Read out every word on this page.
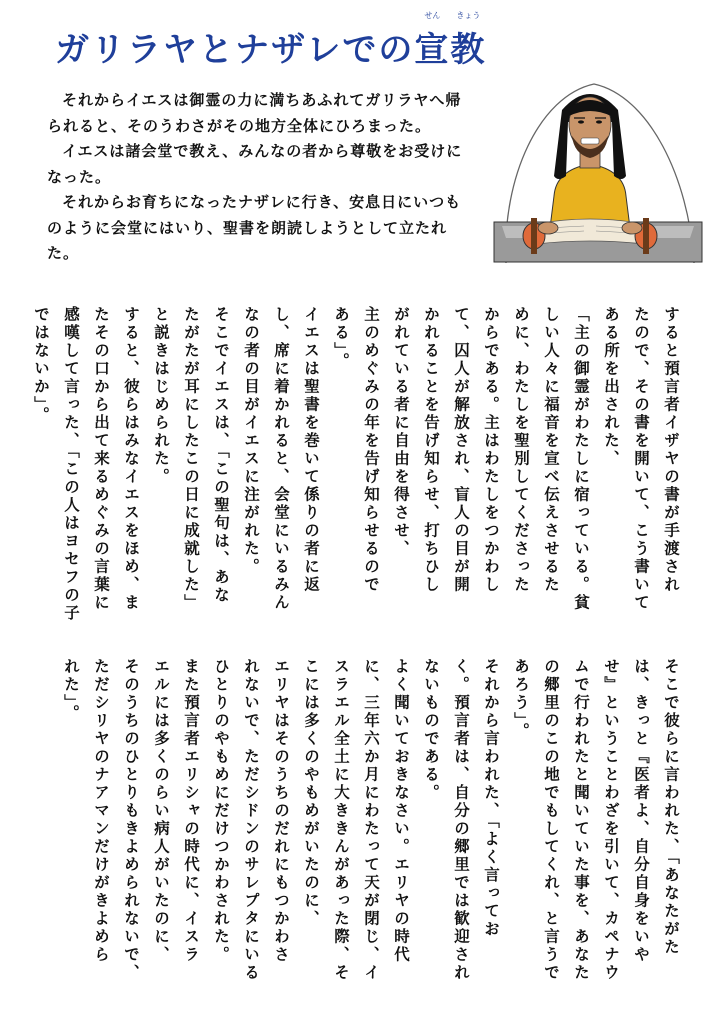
ガリラヤとナザレでの
せん
宣
きょう
教

それからイエスは御霊の力に満ちあふれてガリラヤへ帰られると、そのうわさがその地方全体にひろまった。

イエスは諸会堂で教え、みんなの者から尊敬をお受けになった。

それからお育ちになったナザレに行き、安息日にいつものように会堂にはいり、聖書を朗読しようとして立たれた。

すると預言者イザヤの書が手渡され
たので、その書を開いて、こう書いて
ある所を出された、
「主の御霊がわたしに宿っている。貧
しい人々に福音を宣べ伝えさせるた
めに、わたしを聖別してくださった
からである。主はわたしをつかわし
て、囚人が解放され、盲人の目が開
かれることを告げ知らせ、打ちひし
がれている者に自由を得させ、
主のめぐみの年を告げ知らせるので
ある」。
イエスは聖書を巻いて係りの者に返
し、席に着かれると、会堂にいるみん
なの者の目がイエスに注がれた。
そこでイエスは、「この聖句は、あな
たがたが耳にしたこの日に成就した」
と説きはじめられた。
すると、彼らはみなイエスをほめ、ま
たその口から出て来るめぐみの言葉に
感嘆して言った、「この人はヨセフの子
ではないか」。
そこで彼らに言われた、「あなたがた
は、きっと『医者よ、自分自身をいや
せ』ということわざを引いて、カペナウ
ムで行われたと聞いていた事を、あなた
の郷里のこの地でもしてくれ、と言うで
あろう」。
それから言われた、「よく言ってお
く。預言者は、自分の郷里では歓迎され
ないものである。
よく聞いておきなさい。エリヤの時代
に、三年六か月にわたって天が閉じ、イ
スラエル全土に大ききんがあった際、そ
こには多くのやもめがいたのに、
エリヤはそのうちのだれにもつかわさ
れないで、ただシドンのサレプタにいる
ひとりのやもめにだけつかわされた。
また預言者エリシャの時代に、イスラ
エルには多くのらい病人がいたのに、
そのうちのひとりもきよめられないで、
ただシリヤのナアマンだけがきよめら
れた」。
